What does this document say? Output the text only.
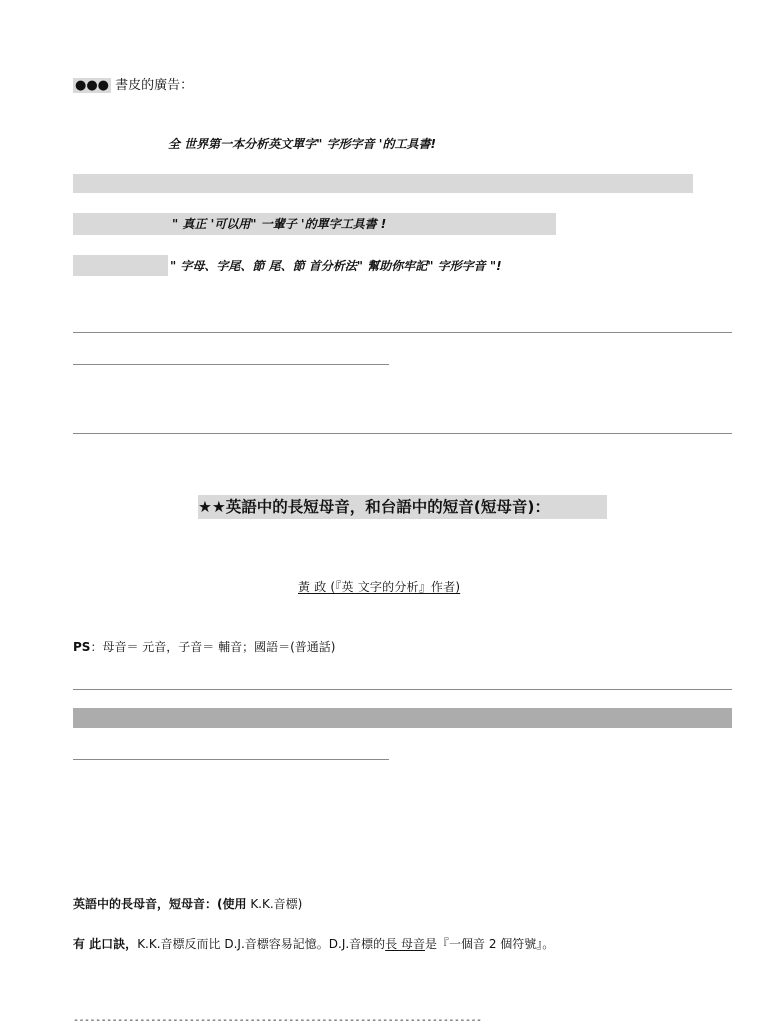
●●● 書皮的廣告：
全 世界第一本分析英文單字" 字形字音 '的工具書!
" 真正 '可以用" 一輩子 '的單字工具書 !
" 字母、字尾、節 尾、節 首分析法" 幫助你牢記" 字形字音 "!
★★英語中的長短母音，和台語中的短音(短母音)：
黃 政 (『英 文字的分析』作者)
PS：母音＝ 元音，子音＝ 輔音；國語＝(普通話)
英語中的長母音，短母音：(使用 K.K.音標)
有 此口訣，K.K.音標反而比 D.J.音標容易記憶。D.J.音標的長 母音是『一個音 2 個符號』。
--------------------------------------------------------------------------
